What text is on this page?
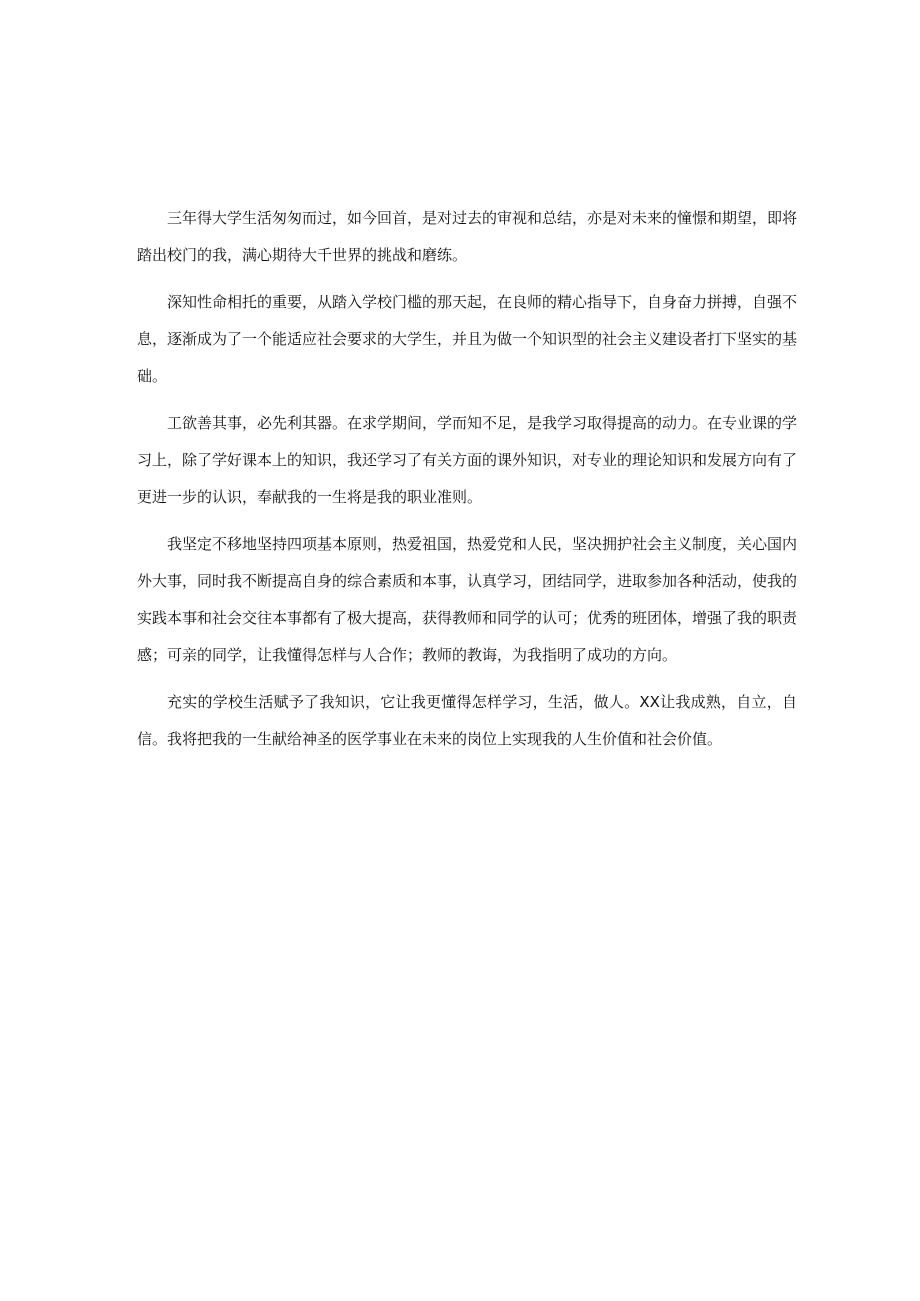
三年得大学生活匆匆而过，如今回首，是对过去的审视和总结，亦是对未来的憧憬和期望，即将踏出校门的我，满心期待大千世界的挑战和磨练。

深知性命相托的重要，从踏入学校门槛的那天起，在良师的精心指导下，自身奋力拼搏，自强不息，逐渐成为了一个能适应社会要求的大学生，并且为做一个知识型的社会主义建设者打下坚实的基础。

工欲善其事，必先利其器。在求学期间，学而知不足，是我学习取得提高的动力。在专业课的学习上，除了学好课本上的知识，我还学习了有关方面的课外知识，对专业的理论知识和发展方向有了更进一步的认识，奉献我的一生将是我的职业准则。

我坚定不移地坚持四项基本原则，热爱祖国，热爱党和人民，坚决拥护社会主义制度，关心国内外大事，同时我不断提高自身的综合素质和本事，认真学习，团结同学，进取参加各种活动，使我的实践本事和社会交往本事都有了极大提高，获得教师和同学的认可；优秀的班团体，增强了我的职责感；可亲的同学，让我懂得怎样与人合作；教师的教诲，为我指明了成功的方向。

充实的学校生活赋予了我知识，它让我更懂得怎样学习，生活，做人。XX让我成熟，自立，自信。我将把我的一生献给神圣的医学事业在未来的岗位上实现我的人生价值和社会价值。
